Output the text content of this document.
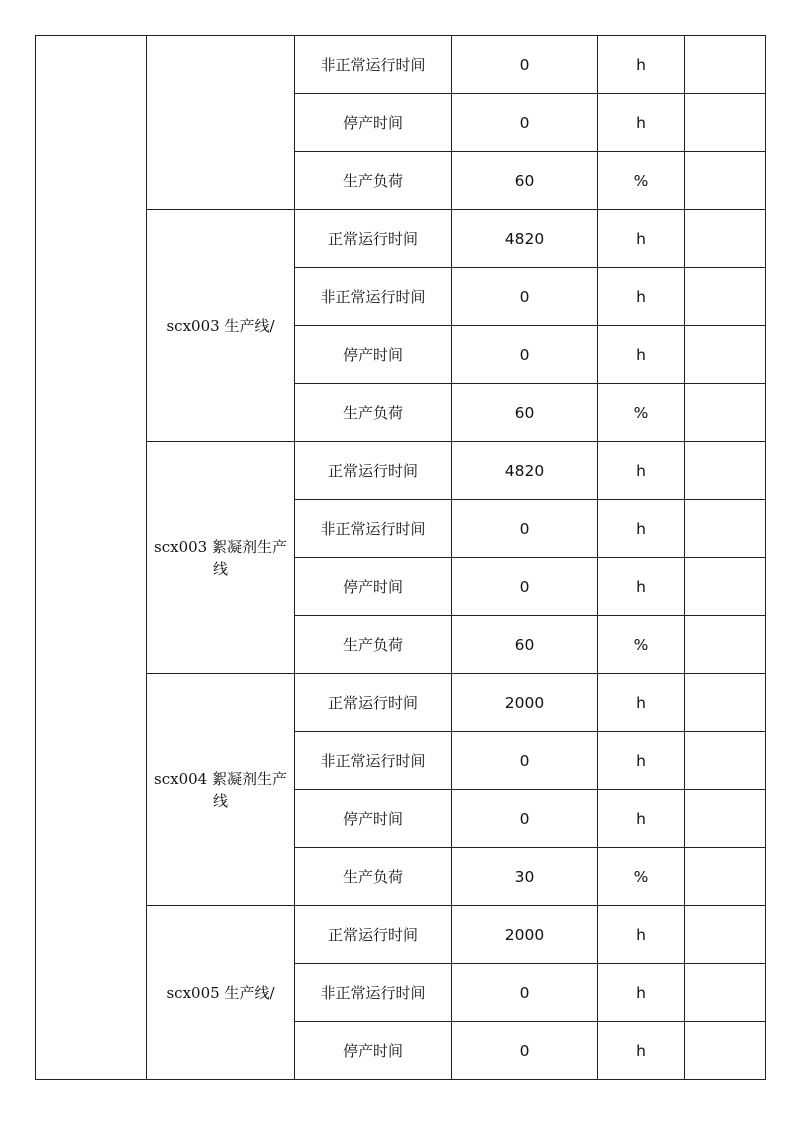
		非正常运行时间	0	h	
		停产时间	0	h	
		生产负荷	60	%	
	scx003 生产线/	正常运行时间	4820	h	
		非正常运行时间	0	h	
		停产时间	0	h	
		生产负荷	60	%	
	scx003 絮凝剂生产线	正常运行时间	4820	h	
		非正常运行时间	0	h	
		停产时间	0	h	
		生产负荷	60	%	
	scx004 絮凝剂生产线	正常运行时间	2000	h	
		非正常运行时间	0	h	
		停产时间	0	h	
		生产负荷	30	%	
	scx005 生产线/	正常运行时间	2000	h	
		非正常运行时间	0	h	
		停产时间	0	h	
